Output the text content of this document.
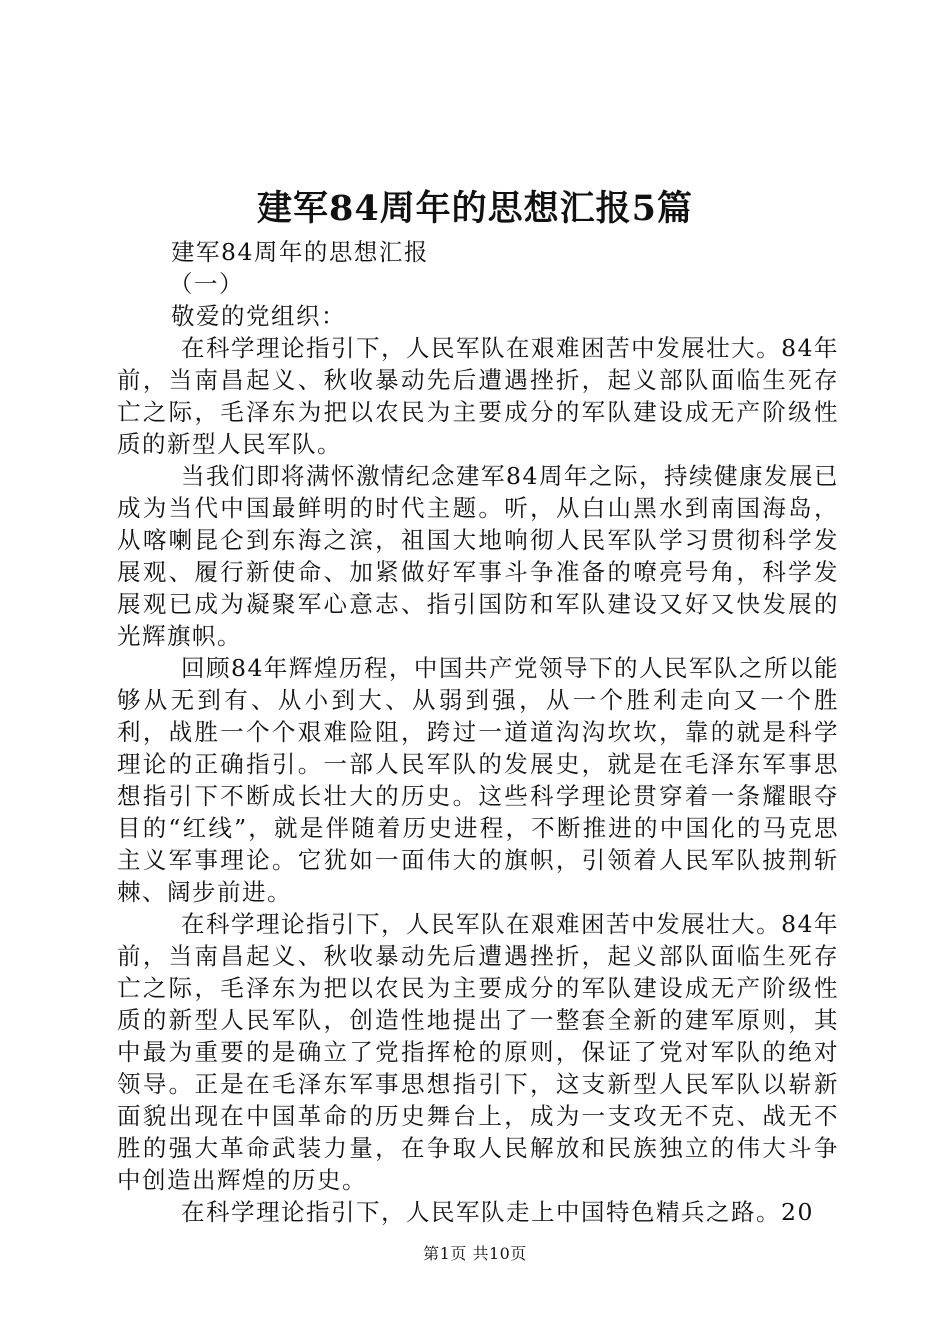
建军84周年的思想汇报5篇

建军84周年的思想汇报

（一）

敬爱的党组织：

在科学理论指引下，人民军队在艰难困苦中发展壮大。84年前，当南昌起义、秋收暴动先后遭遇挫折，起义部队面临生死存亡之际，毛泽东为把以农民为主要成分的军队建设成无产阶级性质的新型人民军队。

当我们即将满怀激情纪念建军84周年之际，持续健康发展已成为当代中国最鲜明的时代主题。听，从白山黑水到南国海岛，从喀喇昆仑到东海之滨，祖国大地响彻人民军队学习贯彻科学发展观、履行新使命、加紧做好军事斗争准备的嘹亮号角，科学发展观已成为凝聚军心意志、指引国防和军队建设又好又快发展的光辉旗帜。

回顾84年辉煌历程，中国共产党领导下的人民军队之所以能够从无到有、从小到大、从弱到强，从一个胜利走向又一个胜利，战胜一个个艰难险阻，跨过一道道沟沟坎坎，靠的就是科学理论的正确指引。一部人民军队的发展史，就是在毛泽东军事思想指引下不断成长壮大的历史。这些科学理论贯穿着一条耀眼夺目的“红线”，就是伴随着历史进程，不断推进的中国化的马克思主义军事理论。它犹如一面伟大的旗帜，引领着人民军队披荆斩棘、阔步前进。

在科学理论指引下，人民军队在艰难困苦中发展壮大。84年前，当南昌起义、秋收暴动先后遭遇挫折，起义部队面临生死存亡之际，毛泽东为把以农民为主要成分的军队建设成无产阶级性质的新型人民军队，创造性地提出了一整套全新的建军原则，其中最为重要的是确立了党指挥枪的原则，保证了党对军队的绝对领导。正是在毛泽东军事思想指引下，这支新型人民军队以崭新面貌出现在中国革命的历史舞台上，成为一支攻无不克、战无不胜的强大革命武装力量，在争取人民解放和民族独立的伟大斗争中创造出辉煌的历史。

在科学理论指引下，人民军队走上中国特色精兵之路。20

第1页 共10页
